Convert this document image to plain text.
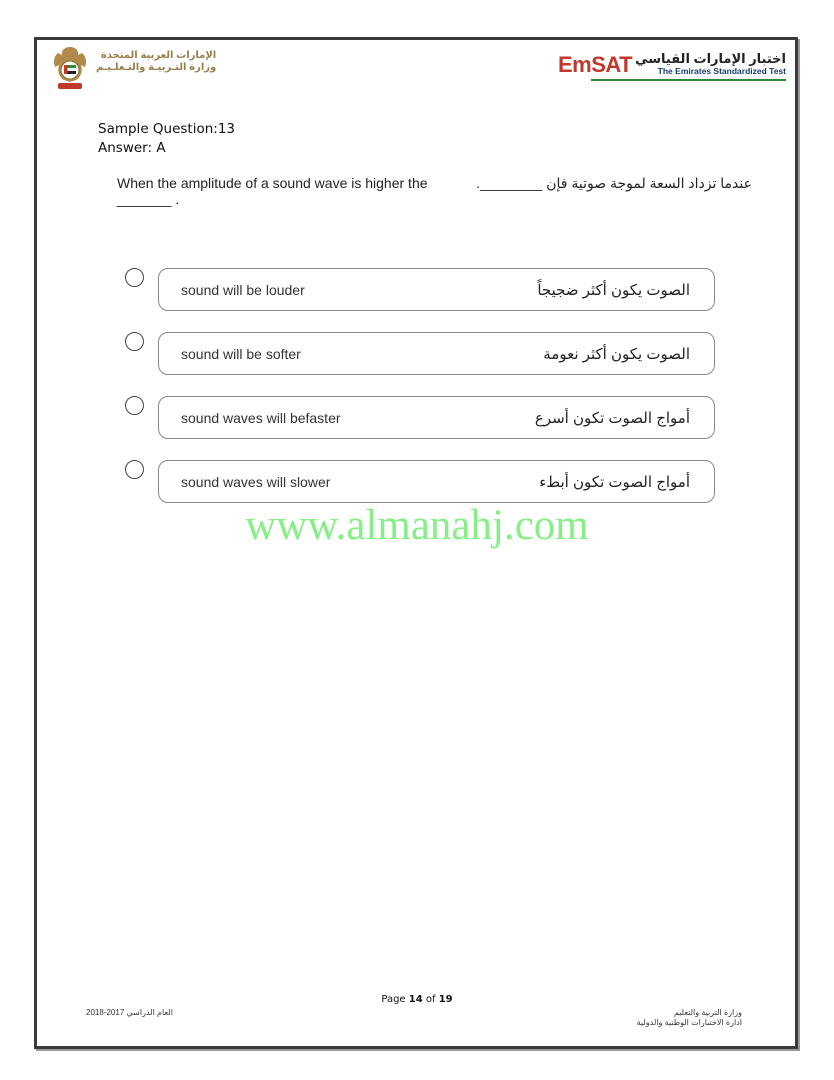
الإمارات العربية المتحدة
وزارة التـربيـة والتـعلـيـم	EmSAT اختبار الإمارات القياسي
The Emirates Standardized Test
Sample Question:13
Answer: A
When the amplitude of a sound wave is higher the _______ .
عندما تزداد السعة لموجة صوتية فإن ________.
sound will be louder	الصوت يكون أكثر ضجيجاً
sound will be softer	الصوت يكون أكثر نعومة
sound waves will befaster	أمواج الصوت تكون أسرع
sound waves will slower	أمواج الصوت تكون أبطء
www.almanahj.com
Page 14 of 19
العام الدراسي 2017-2018	وزارة التربية والتعليم
ادارة الاختبارات الوطنية والدولية
